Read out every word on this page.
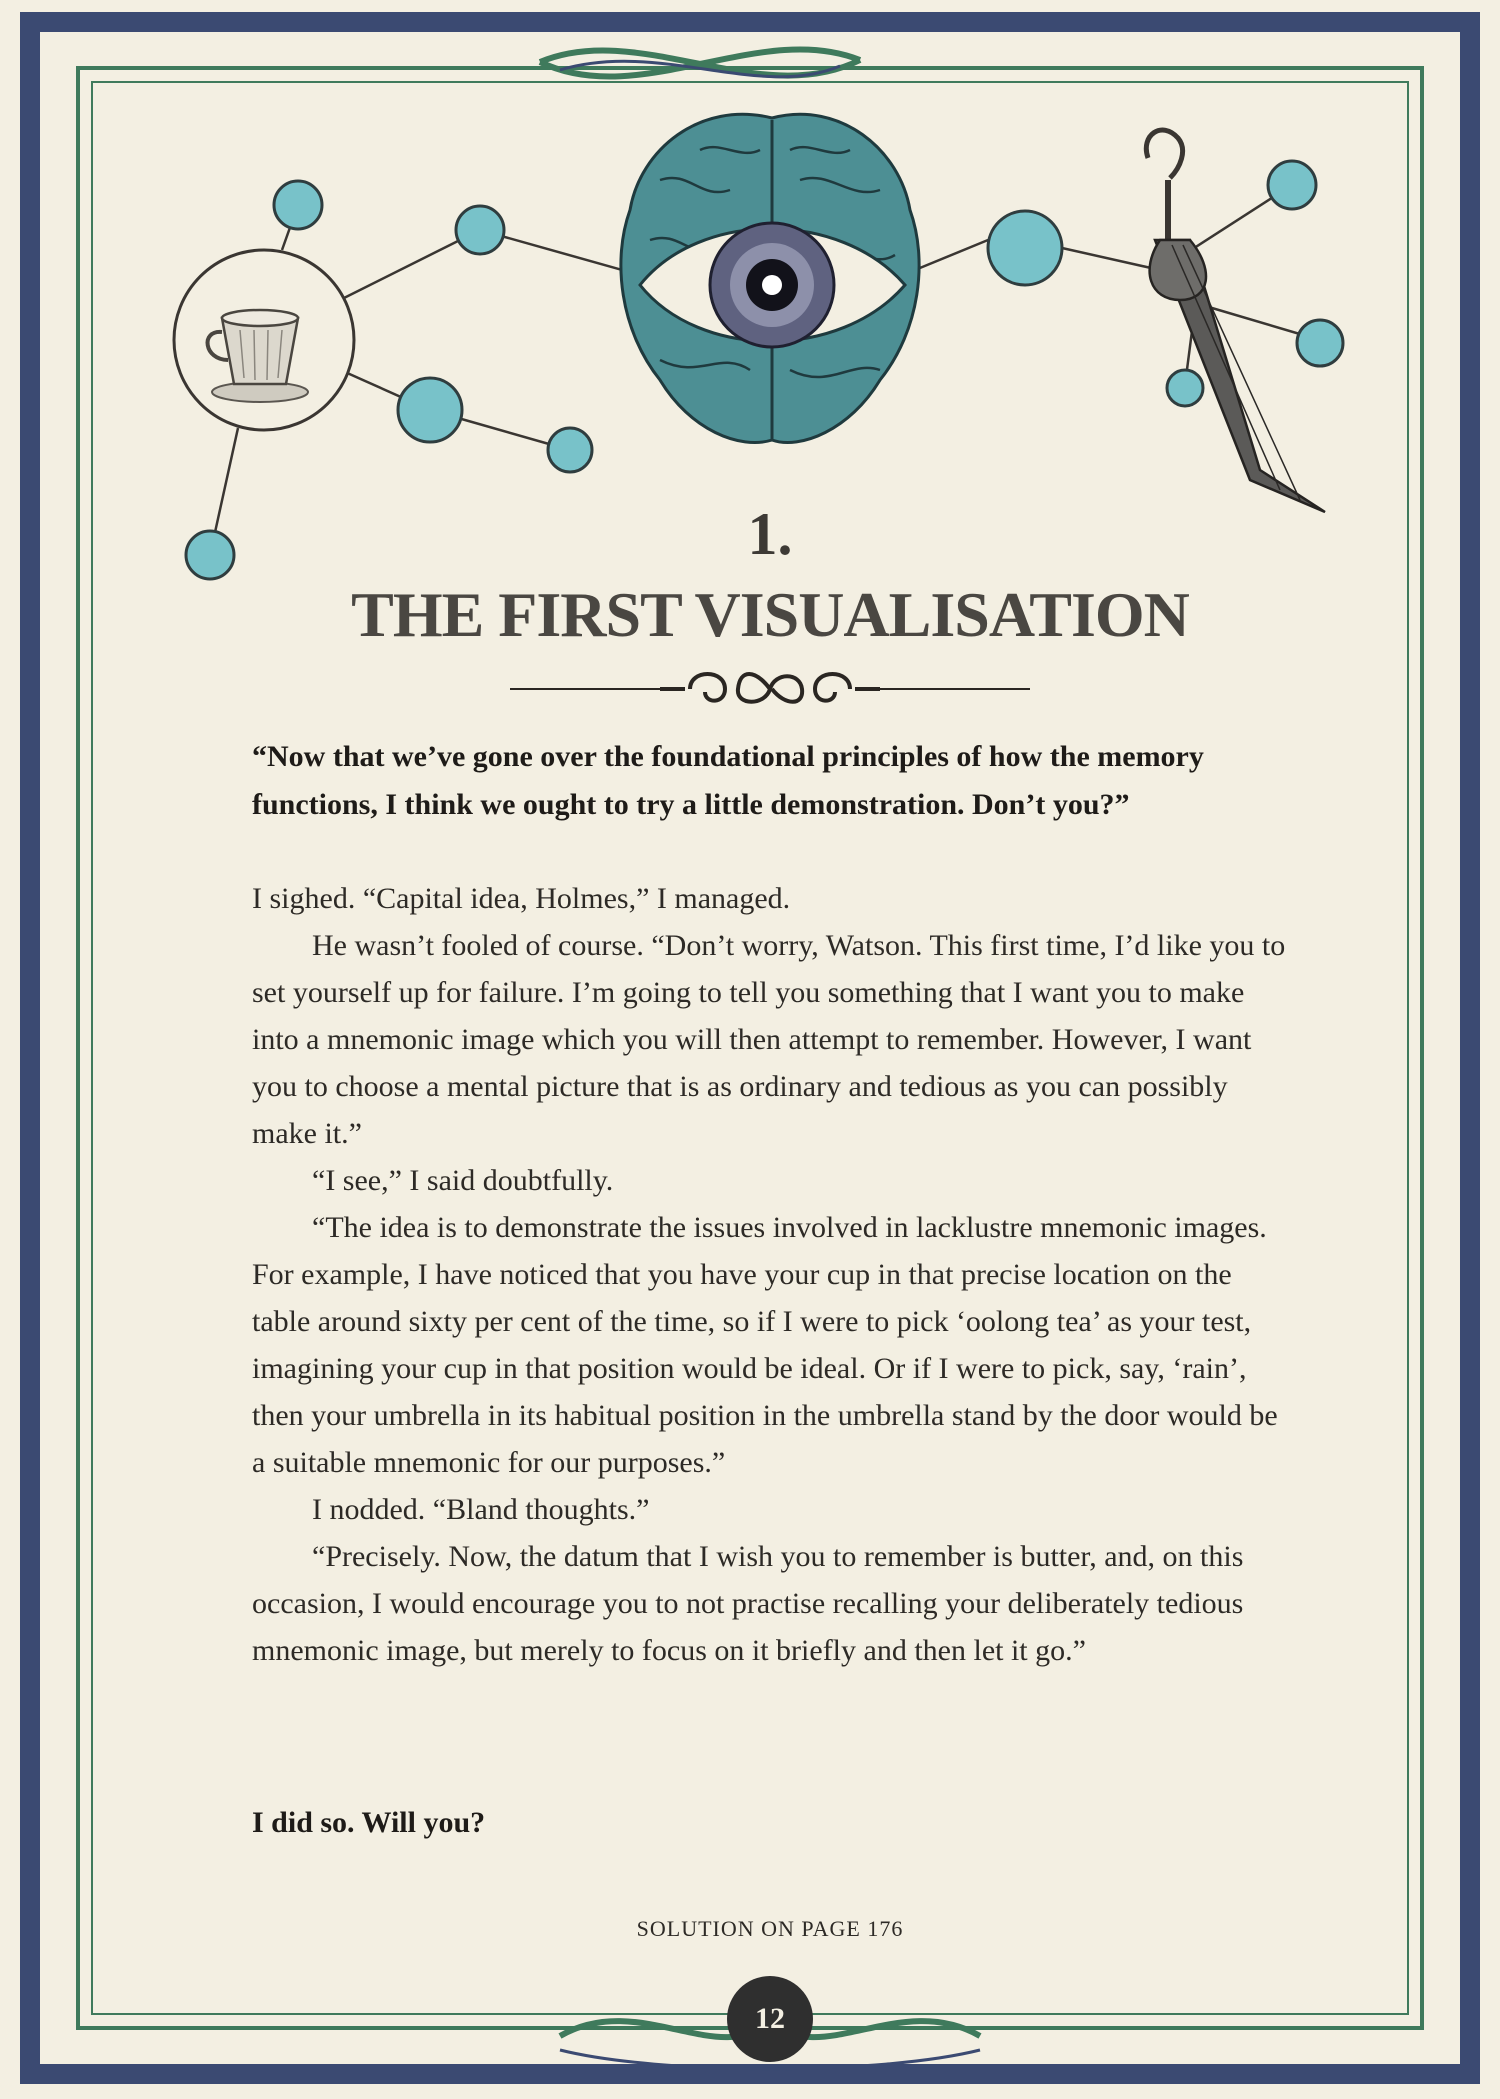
1.
THE FIRST VISUALISATION

“Now that we’ve gone over the foundational principles of how the memory functions, I think we ought to try a little demonstration. Don’t you?”

I sighed. “Capital idea, Holmes,” I managed.

He wasn’t fooled of course. “Don’t worry, Watson. This first time, I’d like you to set yourself up for failure. I’m going to tell you something that I want you to make into a mnemonic image which you will then attempt to remember. However, I want you to choose a mental picture that is as ordinary and tedious as you can possibly make it.”

“I see,” I said doubtfully.

“The idea is to demonstrate the issues involved in lacklustre mnemonic images. For example, I have noticed that you have your cup in that precise location on the table around sixty per cent of the time, so if I were to pick ‘oolong tea’ as your test, imagining your cup in that position would be ideal. Or if I were to pick, say, ‘rain’, then your umbrella in its habitual position in the umbrella stand by the door would be a suitable mnemonic for our purposes.”

I nodded. “Bland thoughts.”

“Precisely. Now, the datum that I wish you to remember is butter, and, on this occasion, I would encourage you to not practise recalling your deliberately tedious mnemonic image, but merely to focus on it briefly and then let it go.”

I did so. Will you?

SOLUTION ON PAGE 176

12
